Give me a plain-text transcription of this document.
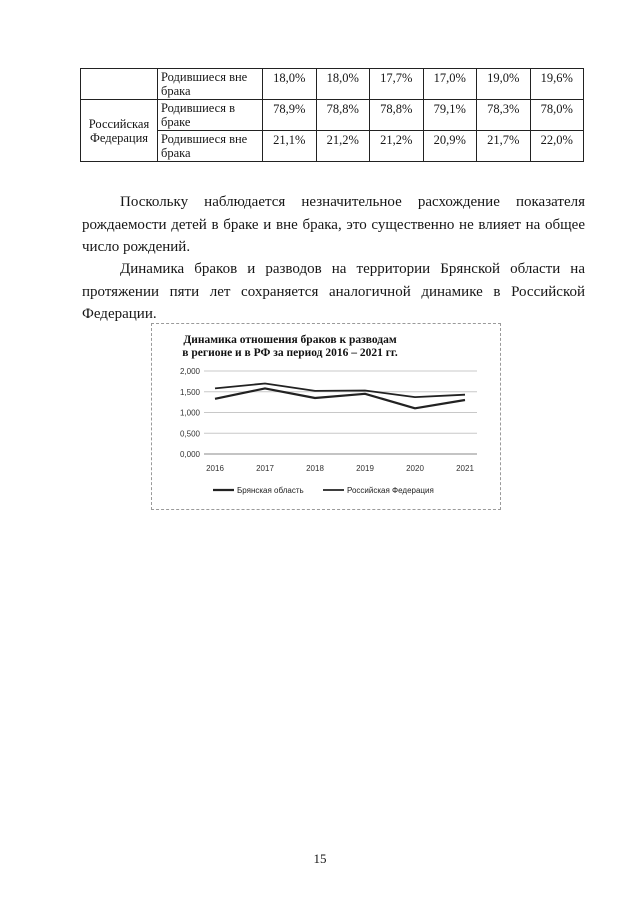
	Родившиеся вне брака	18,0%	18,0%	17,7%	17,0%	19,0%	19,6%
Российская Федерация	Родившиеся в браке	78,9%	78,8%	78,8%	79,1%	78,3%	78,0%
	Родившиеся вне брака	21,1%	21,2%	21,2%	20,9%	21,7%	22,0%

Поскольку наблюдается незначительное расхождение показателя рождаемости детей в браке и вне брака, это существенно не влияет на общее число рождений.

Динамика браков и разводов на территории Брянской области на протяжении пяти лет сохраняется аналогичной динамике в Российской Федерации.

Динамика отношения браков к разводам в регионе и в РФ за период 2016 – 2021 гг.
0,000
0,500
1,000
1,500
2,000
2016	2017	2018	2019	2020	2021
Брянская область	Российская Федерация
15
